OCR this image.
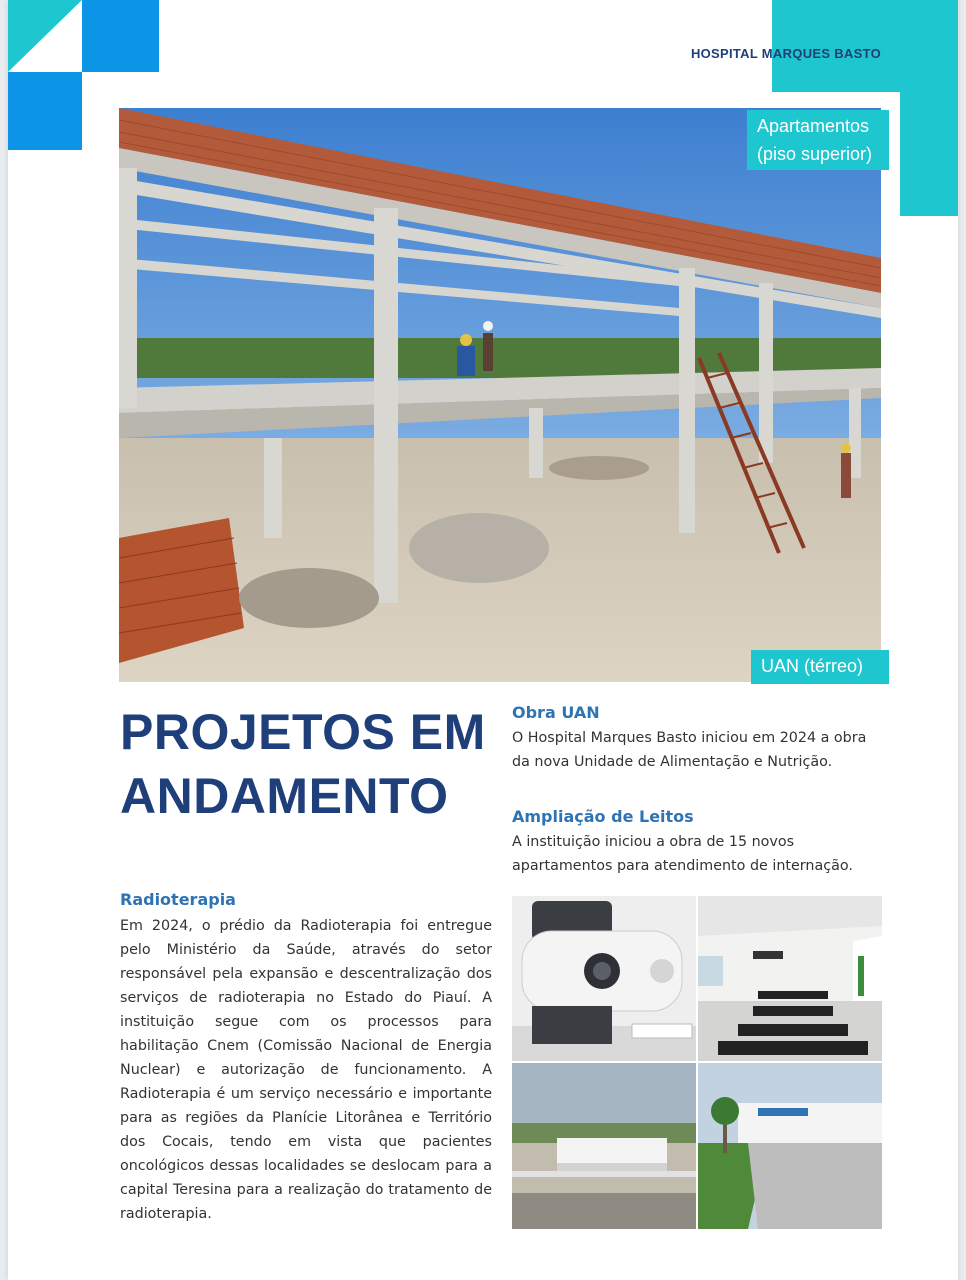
HOSPITAL MARQUES BASTO
Apartamentos (piso superior)
UAN (térreo)
PROJETOS EM ANDAMENTO
Obra UAN

O Hospital Marques Basto iniciou em 2024 a obra da nova Unidade de Alimentação e Nutrição.

Ampliação de Leitos

A instituição iniciou a obra de 15 novos apartamentos para atendimento de internação.

Radioterapia

Em 2024, o prédio da Radioterapia foi entregue pelo Ministério da Saúde, através do setor responsável pela expansão e descentralização dos serviços de radioterapia no Estado do Piauí. A instituição segue com os processos para habilitação Cnem (Comissão Nacional de Energia Nuclear) e autorização de funcionamento. A Radioterapia é um serviço necessário e importante para as regiões da Planície Litorânea e Território dos Cocais, tendo em vista que pacientes oncológicos dessas localidades se deslocam para a capital Teresina para a realização do tratamento de radioterapia.
